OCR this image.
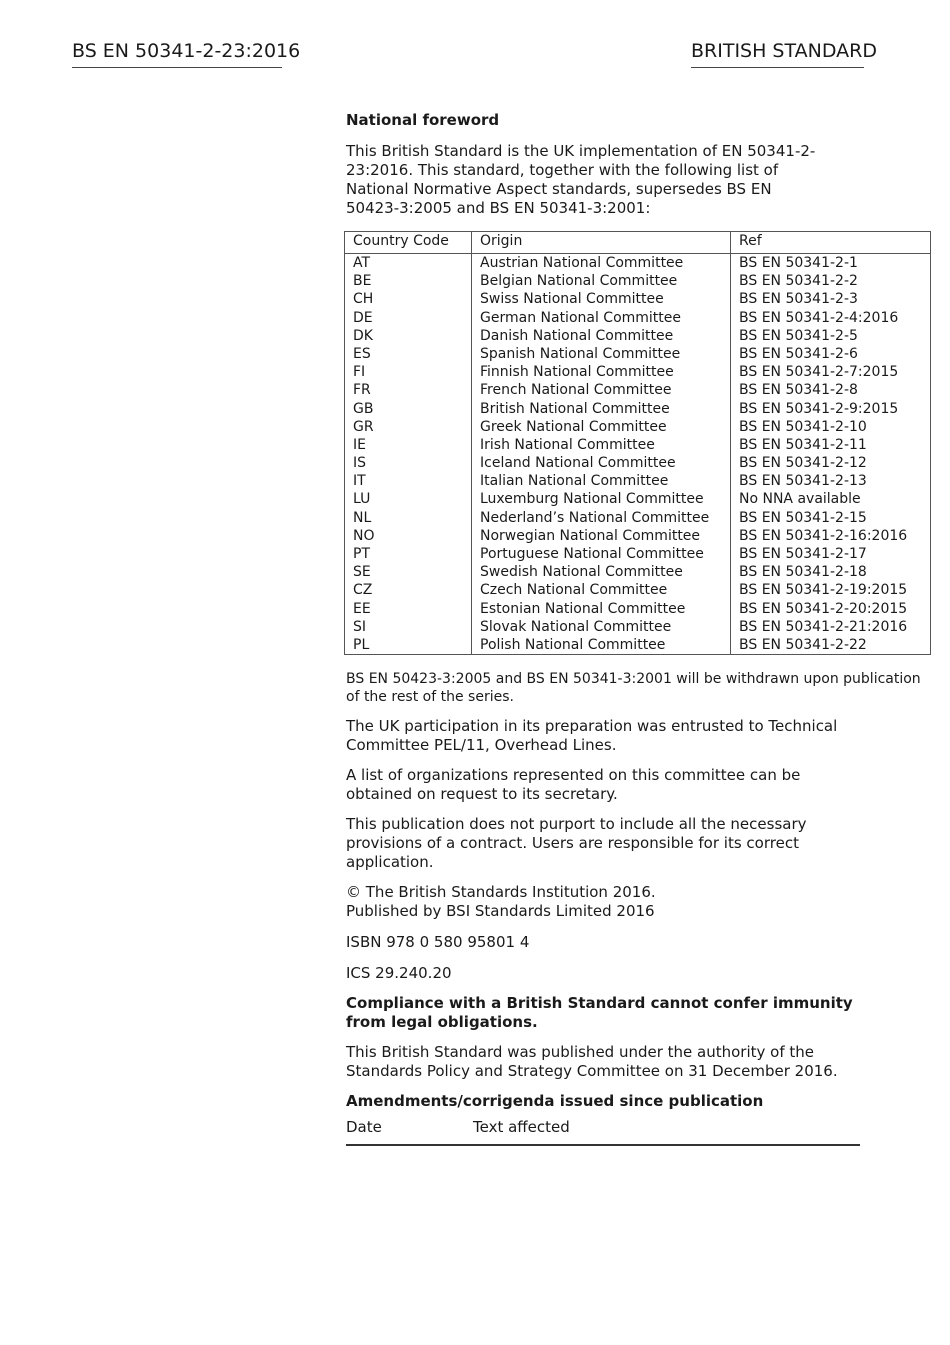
BS EN 50341-2-23:2016	BRITISH STANDARD

National foreword

This British Standard is the UK implementation of EN 50341-2-23:2016. This standard, together with the following list of National Normative Aspect standards, supersedes BS EN 50423-3:2005 and BS EN 50341-3:2001:

Country Code	Origin	Ref
AT	Austrian National Committee	BS EN 50341-2-1
BE	Belgian National Committee	BS EN 50341-2-2
CH	Swiss National Committee	BS EN 50341-2-3
DE	German National Committee	BS EN 50341-2-4:2016
DK	Danish National Committee	BS EN 50341-2-5
ES	Spanish National Committee	BS EN 50341-2-6
FI	Finnish National Committee	BS EN 50341-2-7:2015
FR	French National Committee	BS EN 50341-2-8
GB	British National Committee	BS EN 50341-2-9:2015
GR	Greek National Committee	BS EN 50341-2-10
IE	Irish National Committee	BS EN 50341-2-11
IS	Iceland National Committee	BS EN 50341-2-12
IT	Italian National Committee	BS EN 50341-2-13
LU	Luxemburg National Committee	No NNA available
NL	Nederland’s National Committee	BS EN 50341-2-15
NO	Norwegian National Committee	BS EN 50341-2-16:2016
PT	Portuguese National Committee	BS EN 50341-2-17
SE	Swedish National Committee	BS EN 50341-2-18
CZ	Czech National Committee	BS EN 50341-2-19:2015
EE	Estonian National Committee	BS EN 50341-2-20:2015
SI	Slovak National Committee	BS EN 50341-2-21:2016
PL	Polish National Committee	BS EN 50341-2-22

BS EN 50423-3:2005 and BS EN 50341-3:2001 will be withdrawn upon publication of the rest of the series.

The UK participation in its preparation was entrusted to Technical Committee PEL/11, Overhead Lines.

A list of organizations represented on this committee can be obtained on request to its secretary.

This publication does not purport to include all the necessary provisions of a contract. Users are responsible for its correct application.

© The British Standards Institution 2016.

Published by BSI Standards Limited 2016

ISBN 978 0 580 95801 4

ICS 29.240.20

Compliance with a British Standard cannot confer immunity from legal obligations.

This British Standard was published under the authority of the Standards Policy and Strategy Committee on 31 December 2016.

Amendments/corrigenda issued since publication

Date	Text affected
